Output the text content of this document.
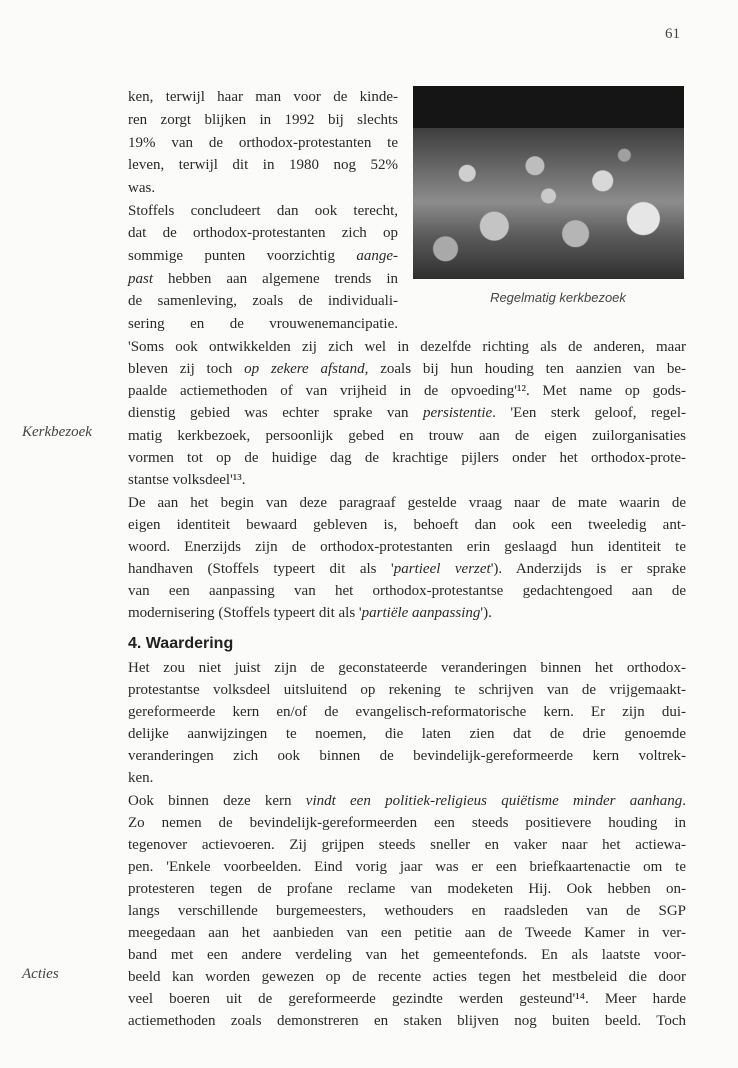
61
Regelmatig kerkbezoek
ken, terwijl haar man voor de kinde-
ren zorgt blijken in 1992 bij slechts
19% van de orthodox-protestanten te
leven, terwijl dit in 1980 nog 52%
was.
Stoffels concludeert dan ook terecht,
dat de orthodox-protestanten zich op
sommige punten voorzichtig aange-
past hebben aan algemene trends in
de samenleving, zoals de individuali-
sering en de vrouwenemancipatie.
'Soms ook ontwikkelden zij zich wel in dezelfde richting als de anderen, maar
bleven zij toch op zekere afstand, zoals bij hun houding ten aanzien van be-
paalde actiemethoden of van vrijheid in de opvoeding'¹². Met name op gods-
dienstig gebied was echter sprake van persistentie. 'Een sterk geloof, regel-
Kerkbezoek matig kerkbezoek, persoonlijk gebed en trouw aan de eigen zuilorganisaties
vormen tot op de huidige dag de krachtige pijlers onder het orthodox-prote-
stantse volksdeel'¹³.
De aan het begin van deze paragraaf gestelde vraag naar de mate waarin de
eigen identiteit bewaard gebleven is, behoeft dan ook een tweeledig ant-
woord. Enerzijds zijn de orthodox-protestanten erin geslaagd hun identiteit te
handhaven (Stoffels typeert dit als 'partieel verzet'). Anderzijds is er sprake
van een aanpassing van het orthodox-protestantse gedachtengoed aan de
modernisering (Stoffels typeert dit als 'partiële aanpassing').
4. Waardering
Het zou niet juist zijn de geconstateerde veranderingen binnen het orthodox-
protestantse volksdeel uitsluitend op rekening te schrijven van de vrijgemaakt-
gereformeerde kern en/of de evangelisch-reformatorische kern. Er zijn dui-
delijke aanwijzingen te noemen, die laten zien dat de drie genoemde
veranderingen zich ook binnen de bevindelijk-gereformeerde kern voltrek-
ken.
Ook binnen deze kern vindt een politiek-religieus quiëtisme minder aanhang.
Zo nemen de bevindelijk-gereformeerden een steeds positievere houding in
tegenover actievoeren. Zij grijpen steeds sneller en vaker naar het actiewa-
pen. 'Enkele voorbeelden. Eind vorig jaar was er een briefkaartenactie om te
protesteren tegen de profane reclame van modeketen Hij. Ook hebben on-
langs verschillende burgemeesters, wethouders en raadsleden van de SGP
meegedaan aan het aanbieden van een petitie aan de Tweede Kamer in ver-
band met een andere verdeling van het gemeentefonds. En als laatste voor-
Acties	beeld kan worden gewezen op de recente acties tegen het mestbeleid die door
veel boeren uit de gereformeerde gezindte werden gesteund'¹⁴. Meer harde
actiemethoden zoals demonstreren en staken blijven nog buiten beeld. Toch
